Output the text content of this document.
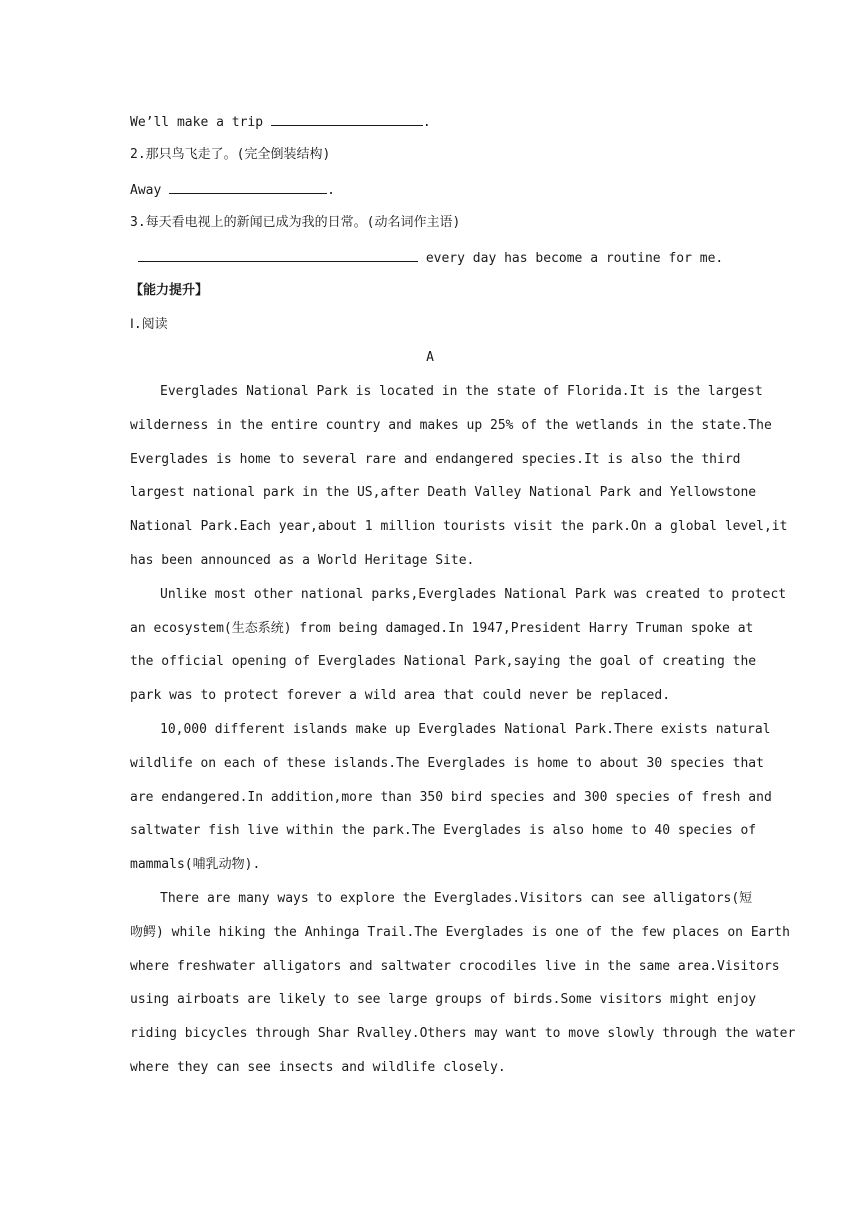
We’ll make a trip	.
2.那只鸟飞走了。(完全倒装结构)
Away	.
3.每天看电视上的新闻已成为我的日常。(动名词作主语)
every day has become a routine for me.
【能力提升】
Ⅰ.阅读
A
Everglades National Park is located in the state of Florida.It is the largest
wilderness in the entire country and makes up 25% of the wetlands in the state.The
Everglades is home to several rare and endangered species.It is also the third
largest national park in the US,after Death Valley National Park and Yellowstone
National Park.Each year,about 1 million tourists visit the park.On a global level,it
has been announced as a World Heritage Site.
Unlike most other national parks,Everglades National Park was created to protect
an ecosystem(生态系统) from being damaged.In 1947,President Harry Truman spoke at
the official opening of Everglades National Park,saying the goal of creating the
park was to protect forever a wild area that could never be replaced.
10,000 different islands make up Everglades National Park.There exists natural
wildlife on each of these islands.The Everglades is home to about 30 species that
are endangered.In addition,more than 350 bird species and 300 species of fresh and
saltwater fish live within the park.The Everglades is also home to 40 species of
mammals(哺乳动物).
There are many ways to explore the Everglades.Visitors can see alligators(短
吻鳄) while hiking the Anhinga Trail.The Everglades is one of the few places on Earth
where freshwater alligators and saltwater crocodiles live in the same area.Visitors
using airboats are likely to see large groups of birds.Some visitors might enjoy
riding bicycles through Shar Rvalley.Others may want to move slowly through the water
where they can see insects and wildlife closely.
